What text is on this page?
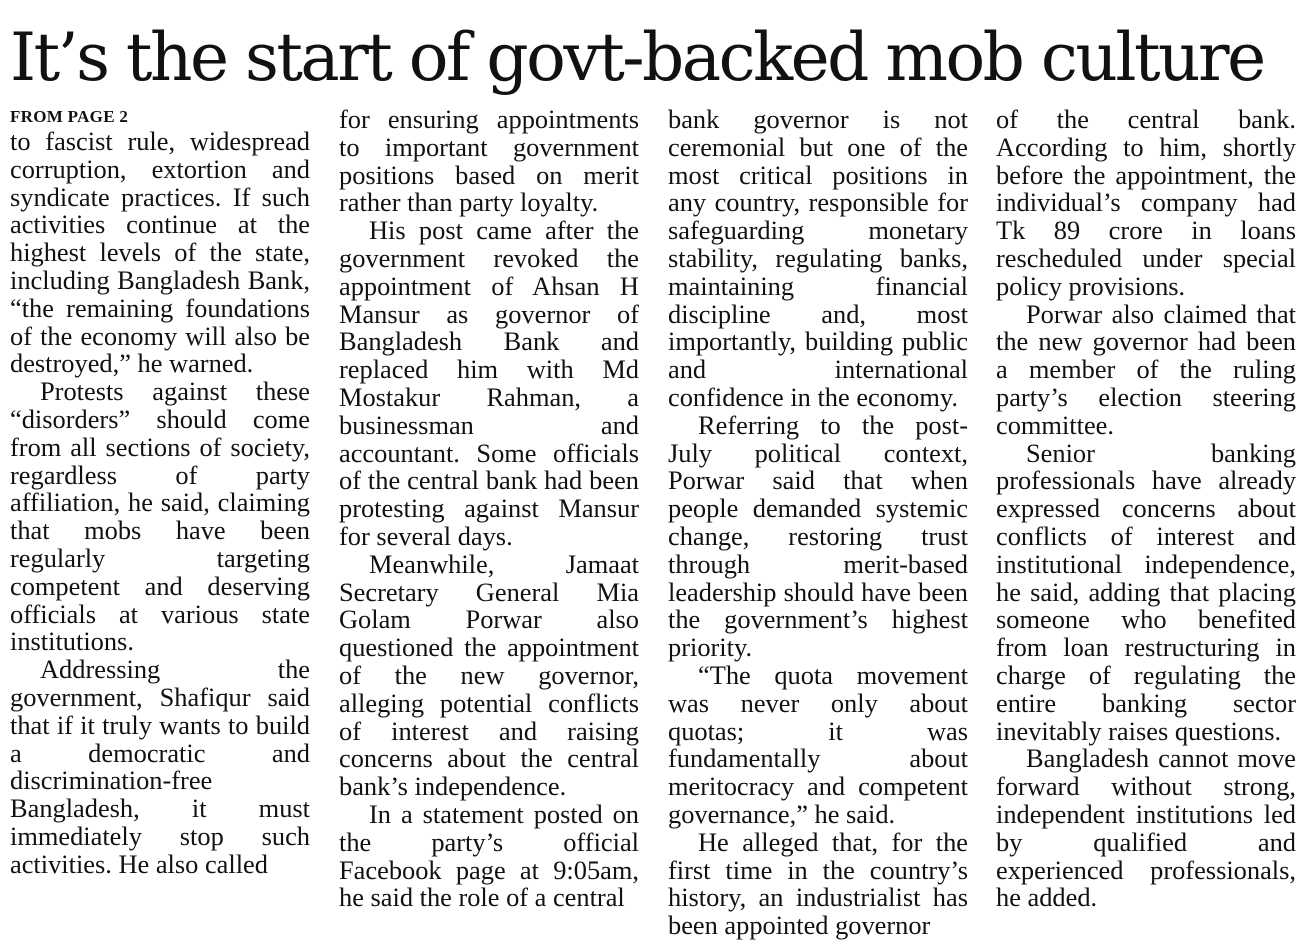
It’s the start of govt-backed mob culture

FROM PAGE 2

to fascist rule, widespread corruption, extortion and syndicate practices. If such activities continue at the highest levels of the state, including Bangladesh Bank, “the remaining foundations of the economy will also be destroyed,” he warned.

Protests against these “disorders” should come from all sections of society, regardless of party affiliation, he said, claiming that mobs have been regularly targeting competent and deserving officials at various state institutions.

Addressing the government, Shafiqur said that if it truly wants to build a democratic and discrimination-free Bangladesh, it must immediately stop such activities. He also called

for ensuring appointments to important government positions based on merit rather than party loyalty.

His post came after the government revoked the appointment of Ahsan H Mansur as governor of Bangladesh Bank and replaced him with Md Mostakur Rahman, a businessman and accountant. Some officials of the central bank had been protesting against Mansur for several days.

Meanwhile, Jamaat Secretary General Mia Golam Porwar also questioned the appointment of the new governor, alleging potential conflicts of interest and raising concerns about the central bank’s independence.

In a statement posted on the party’s official Facebook page at 9:05am, he said the role of a central

bank governor is not ceremonial but one of the most critical positions in any country, responsible for safeguarding monetary stability, regulating banks, maintaining financial discipline and, most importantly, building public and international confidence in the economy.

Referring to the post-July political context, Porwar said that when people demanded systemic change, restoring trust through merit-based leadership should have been the government’s highest priority.

“The quota movement was never only about quotas; it was fundamentally about meritocracy and competent governance,” he said.

He alleged that, for the first time in the country’s history, an industrialist has been appointed governor

of the central bank. According to him, shortly before the appointment, the individual’s company had Tk 89 crore in loans rescheduled under special policy provisions.

Porwar also claimed that the new governor had been a member of the ruling party’s election steering committee.

Senior banking professionals have already expressed concerns about conflicts of interest and institutional independence, he said, adding that placing someone who benefited from loan restructuring in charge of regulating the entire banking sector inevitably raises questions.

Bangladesh cannot move forward without strong, independent institutions led by qualified and experienced professionals, he added.
